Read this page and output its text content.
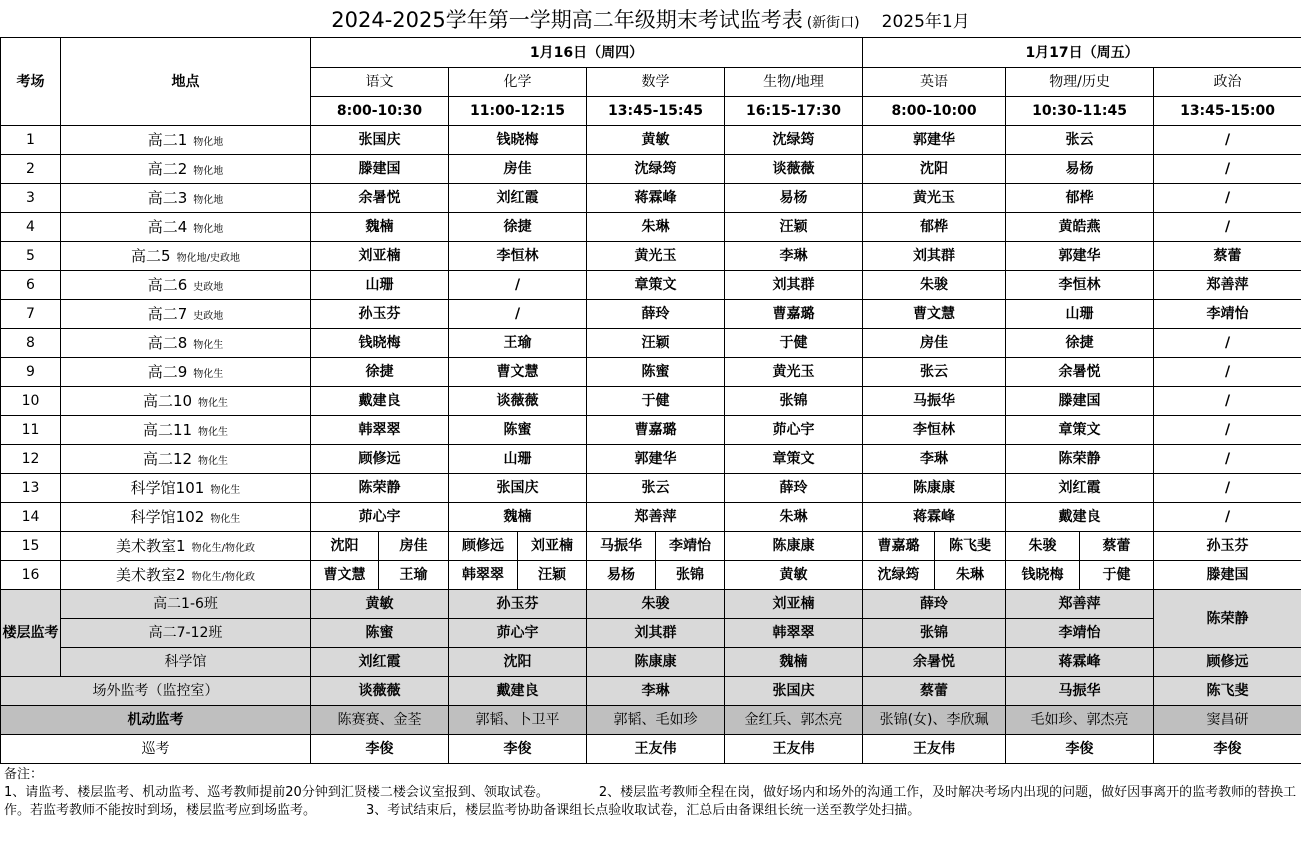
2024-2025学年第一学期高二年级期末考试监考表 (新街口) 2025年1月
考场	地点	1月16日（周四）							1月17日（周五）				
		语文		化学		数学		生物/地理	英语		物理/历史		政治
		8:00-10:30		11:00-12:15		13:45-15:45		16:15-17:30	8:00-10:00		10:30-11:45		13:45-15:00
1	高二1 物化地	张国庆		钱晓梅		黄敏		沈绿筠	郭建华		张云		/
2	高二2 物化地	滕建国		房佳		沈绿筠		谈薇薇	沈阳		易杨		/
3	高二3 物化地	余暑悦		刘红霞		蒋霖峰		易杨	黄光玉		郁桦		/
4	高二4 物化地	魏楠		徐捷		朱琳		汪颖	郁桦		黄皓燕		/
5	高二5 物化地/史政地	刘亚楠		李恒林		黄光玉		李琳	刘其群		郭建华		蔡蕾
6	高二6 史政地	山珊		/		章策文		刘其群	朱骏		李恒林		郑善萍
7	高二7 史政地	孙玉芬		/		薛玲		曹嘉璐	曹文慧		山珊		李靖怡
8	高二8 物化生	钱晓梅		王瑜		汪颖		于健	房佳		徐捷		/
9	高二9 物化生	徐捷		曹文慧		陈蜜		黄光玉	张云		余暑悦		/
10	高二10 物化生	戴建良		谈薇薇		于健		张锦	马振华		滕建国		/
11	高二11 物化生	韩翠翠		陈蜜		曹嘉璐		茆心宇	李恒林		章策文		/
12	高二12 物化生	顾修远		山珊		郭建华		章策文	李琳		陈荣静		/
13	科学馆101 物化生	陈荣静		张国庆		张云		薛玲	陈康康		刘红霞		/
14	科学馆102 物化生	茆心宇		魏楠		郑善萍		朱琳	蒋霖峰		戴建良		/
15	美术教室1 物化生/物化政	沈阳	房佳	顾修远	刘亚楠	马振华	李靖怡	陈康康	曹嘉璐	陈飞斐	朱骏	蔡蕾	孙玉芬
16	美术教室2 物化生/物化政	曹文慧	王瑜	韩翠翠	汪颖	易杨	张锦	黄敏	沈绿筠	朱琳	钱晓梅	于健	滕建国
楼层监考	高二1-6班	黄敏		孙玉芬		朱骏		刘亚楠	薛玲		郑善萍		陈荣静
	高二7-12班	陈蜜		茆心宇		刘其群		韩翠翠	张锦		李靖怡		
	科学馆	刘红霞		沈阳		陈康康		魏楠	余暑悦		蒋霖峰		顾修远
场外监考（监控室）		谈薇薇		戴建良		李琳		张国庆	蔡蕾		马振华		陈飞斐
机动监考		陈赛赛、金荃		郭韬、卜卫平		郭韬、毛如珍		金红兵、郭杰亮	张锦(女)、李欣珮		毛如珍、郭杰亮		窦昌研
巡考		李俊		李俊		王友伟		王友伟	王友伟		李俊		李俊
备注：
1、请监考、楼层监考、机动监考、巡考教师提前20分钟到汇贤楼二楼会议室报到、领取试卷。	2、楼层监考教师全程在岗，做好场内和场外的沟通工作，及时解决考场内出现的问题，做好因事离开的监考教师的替换工作。若监考教师不能按时到场，楼层监考应到场监考。	3、考试结束后，楼层监考协助备课组长点验收取试卷，汇总后由备课组长统一送至教学处扫描。
